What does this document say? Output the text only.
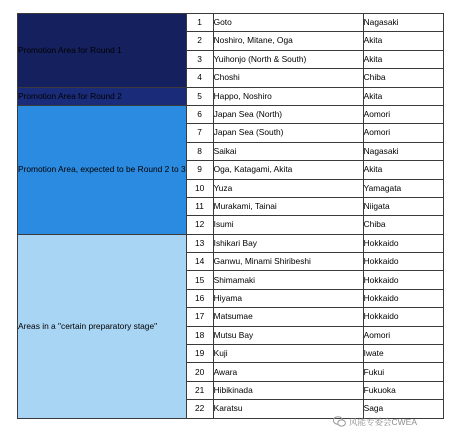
Promotion Area for Round 1	1	Goto	Nagasaki
	2	Noshiro, Mitane, Oga	Akita
	3	Yuihonjo (North & South)	Akita
	4	Choshi	Chiba
Promotion Area for Round 2	5	Happo, Noshiro	Akita
Promotion Area, expected to be Round 2 to 3	6	Japan Sea (North)	Aomori
	7	Japan Sea (South)	Aomori
	8	Saikai	Nagasaki
	9	Oga, Katagami, Akita	Akita
	10	Yuza	Yamagata
	11	Murakami, Tainai	Niigata
	12	Isumi	Chiba
Areas in a "certain preparatory stage"	13	Ishikari Bay	Hokkaido
	14	Ganwu, Minami Shiribeshi	Hokkaido
	15	Shimamaki	Hokkaido
	16	Hiyama	Hokkaido
	17	Matsumae	Hokkaido
	18	Mutsu Bay	Aomori
	19	Kuji	Iwate
	20	Awara	Fukui
	21	Hibikinada	Fukuoka
	22	Karatsu	Saga
风能专委会CWEA
